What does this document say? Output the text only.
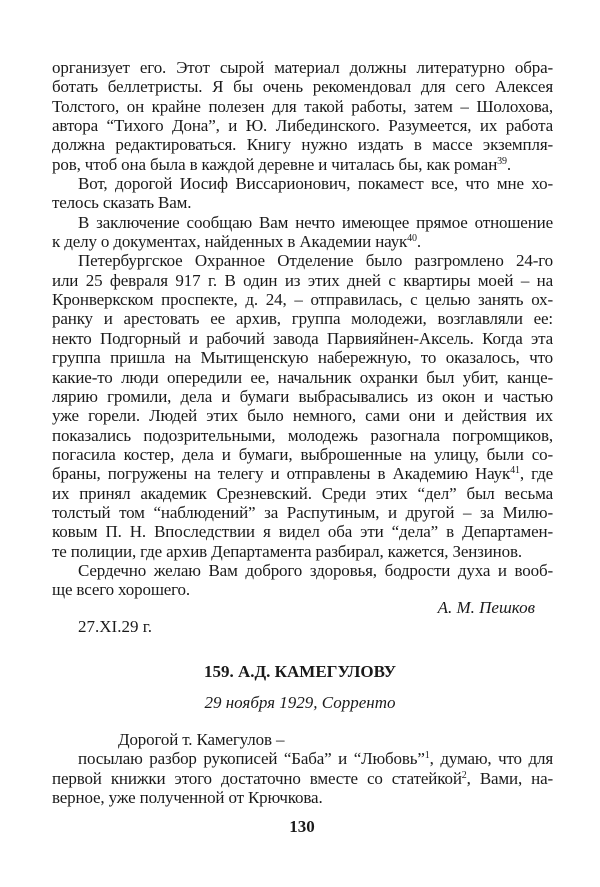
организует его. Этот сырой материал должны литературно обра-
ботать беллетристы. Я бы очень рекомендовал для сего Алексея
Толстого, он крайне полезен для такой работы, затем – Шолохова,
автора “Тихого Дона”, и Ю. Либединского. Разумеется, их работа
должна редактироваться. Книгу нужно издать в массе экземпля-
ров, чтоб она была в каждой деревне и читалась бы, как роман$^{39}$.
Вот, дорогой Иосиф Виссарионович, покамест все, что мне хо-
телось сказать Вам.
В заключение сообщаю Вам нечто имеющее прямое отношение
к делу о документах, найденных в Академии наук$^{40}$.
Петербургское Охранное Отделение было разгромлено 24-го
или 25 февраля 917 г. В один из этих дней с квартиры моей – на
Кронверкском проспекте, д. 24, – отправилась, с целью занять ох-
ранку и арестовать ее архив, группа молодежи, возглавляли ее:
некто Подгорный и рабочий завода Парвияйнен-Аксель. Когда эта
группа пришла на Мытищенскую набережную, то оказалось, что
какие-то люди опередили ее, начальник охранки был убит, канце-
лярию громили, дела и бумаги выбрасывались из окон и частью
уже горели. Людей этих было немного, сами они и действия их
показались подозрительными, молодежь разогнала погромщиков,
погасила костер, дела и бумаги, выброшенные на улицу, были со-
браны, погружены на телегу и отправлены в Академию Наук$^{41}$, где
их принял академик Срезневский. Среди этих “дел” был весьма
толстый том “наблюдений” за Распутиным, и другой – за Милю-
ковым П. Н. Впоследствии я видел оба эти “дела” в Департамен-
те полиции, где архив Департамента разбирал, кажется, Зензинов.
Сердечно желаю Вам доброго здоровья, бодрости духа и вооб-
ще всего хорошего.
А. М. Пешков
27.XI.29 г.
159. А.Д. КАМЕГУЛОВУ
29 ноября 1929, Сорренто
Дорогой т. Камегулов –
посылаю разбор рукописей “Баба” и “Любовь”$^1$, думаю, что для
первой книжки этого достаточно вместе со статейкой$^2$, Вами, на-
верное, уже полученной от Крючкова.
130
